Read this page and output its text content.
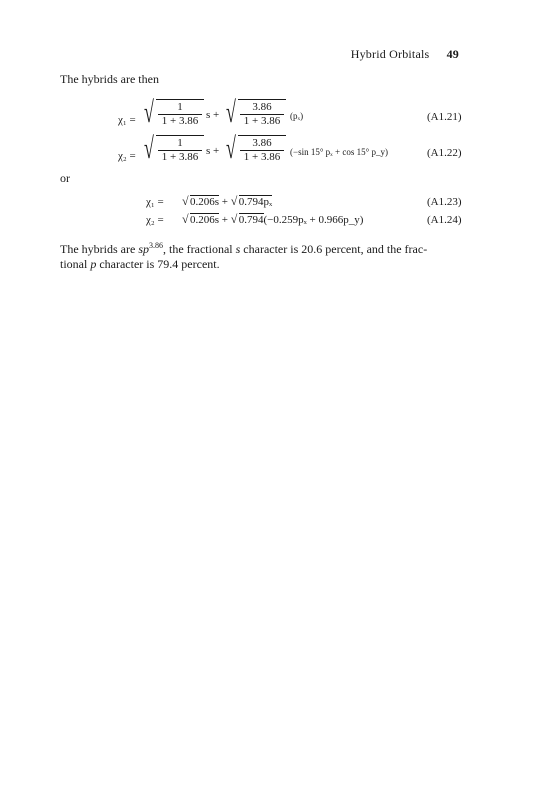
Hybrid Orbitals 49
The hybrids are then
χ₁ = √	1
1 + 3.86 s + √	3.86
1 + 3.86	(pₓ)	(A1.21)
χ₂ = √	1
1 + 3.86 s + √	3.86
1 + 3.86	(−sin 15° pₓ + cos 15° p_y)	(A1.22)
or
χ₁ =	√ 0.206s + √ 0.794pₓ	(A1.23)
χ₂ =	√ 0.206s + √ 0.794(−0.259pₓ + 0.966p_y)	(A1.24)

The hybrids are $sp^{3.86}$, the fractional s character is 20.6 percent, and the frac-

tional p character is 79.4 percent.
